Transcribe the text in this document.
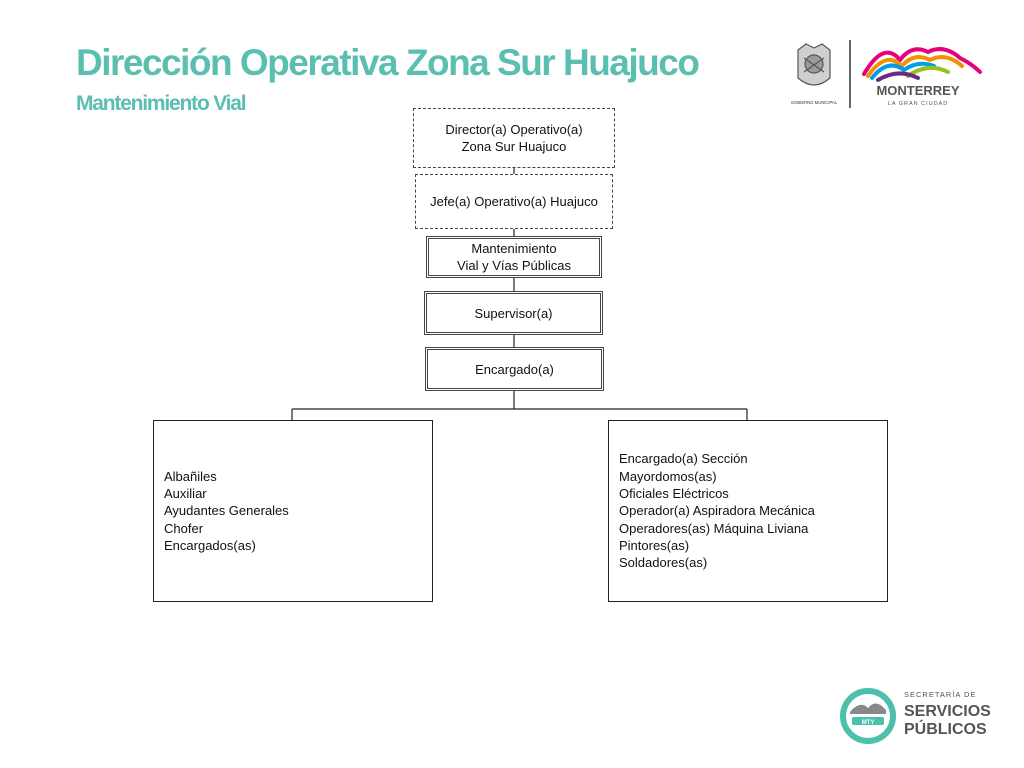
Dirección Operativa Zona Sur Huajuco
Mantenimiento Vial	GOBIERNO MUNICIPAL
MONTERREY
LA GRAN CIUDAD
Director(a) Operativo(a)
Zona Sur Huajuco
Jefe(a) Operativo(a) Huajuco
Mantenimiento
Vial y Vías Públicas
Supervisor(a)
Encargado(a)
Albañiles
Auxiliar
Ayudantes Generales
Chofer
Encargados(as)
Encargado(a) Sección
Mayordomos(as)
Oficiales Eléctricos
Operador(a) Aspiradora Mecánica
Operadores(as) Máquina Liviana
Pintores(as)
Soldadores(as)
MTY
SECRETARÍA DE
SERVICIOS
PÚBLICOS
